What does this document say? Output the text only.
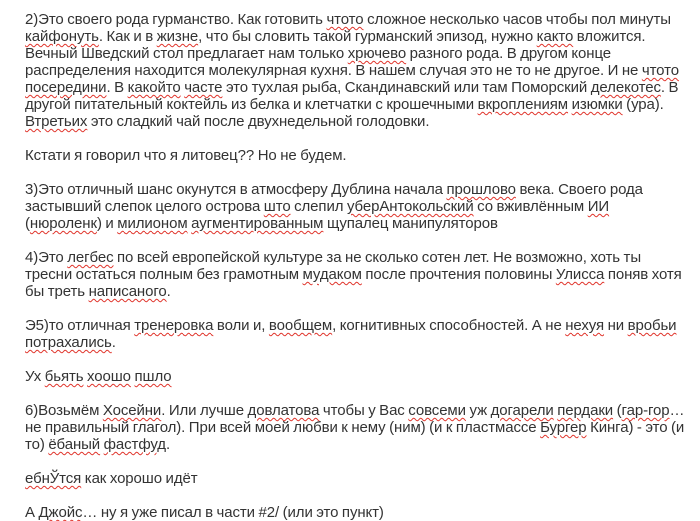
2)Это своего рода гурманство. Как готовить чтото сложное несколько часов чтобы пол минуты кайфонуть. Как и в жизне, что бы словить такой гурманский эпизод, нужно както вложится. Вечный Шведский стол предлагает нам только хрючево разного рода. В другом конце распределения находится молекулярная кухня. В нашем случая это не то не другое. И не чтото посередини. В какойто часте это тухлая рыба, Скандинавский или там Поморский делекотес. В другой питательный коктейль из белка и клетчатки с крошечными вкроплениям изюмки (ура). Втретьих это сладкий чай после двухнедельной голодовки.

Кстати я говорил что я литовец?? Но не будем.

3)Это отличный шанс окунутся в атмосферу Дублина начала прошлово века. Своего рода застывший слепок целого острова што слепил уберАнтокольский со вживлённым ИИ (нюроленк) и милионом аугментированным щупалец манипуляторов

4)Это легбес по всей европейской культуре за не сколько сотен лет. Не возможно, хоть ты тресни остаться полным без грамотным мудаком после прочтения половины Улисса поняв хотя бы треть написаного.

Э5)то отличная тренеровка воли и, вообщем, когнитивных способностей. А не нехуя ни вробьи потрахались.

Ух бьять хоошо пшло

6)Возьмём Хосейни. Или лучше довлатова чтобы у Вас совсеми уж догарели пердаки (гар-гор… не правильный глагол). При всей моей любви к нему (ним) (и к пластмассе Бургер Кинга) - это (и то) ёбаный фастфуд.

ебнЎтся как хорошо идёт

А Джойс… ну я уже писал в части #2/ (или это пункт)
